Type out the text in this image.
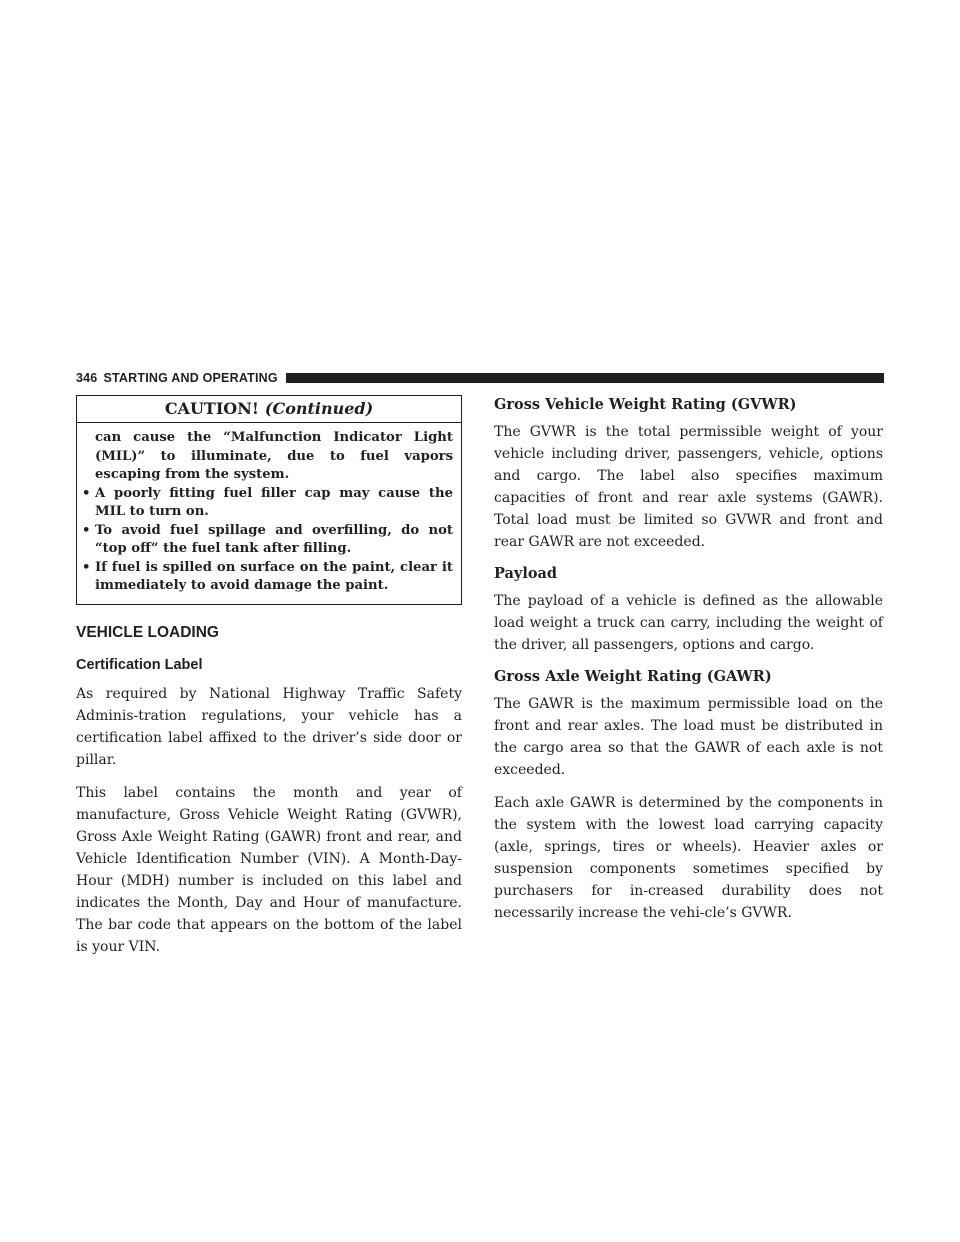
346 STARTING AND OPERATING
CAUTION! (Continued)

can cause the “Malfunction Indicator Light (MIL)” to illuminate, due to fuel vapors escaping from the system.

• A poorly fitting fuel filler cap may cause the MIL to turn on.
• To avoid fuel spillage and overfilling, do not “top off” the fuel tank after filling.
• If fuel is spilled on surface on the paint, clear it immediately to avoid damage the paint.
VEHICLE LOADING
Certification Label

As required by National Highway Traffic Safety Adminis-tration regulations, your vehicle has a certification label affixed to the driver’s side door or pillar.

This label contains the month and year of manufacture, Gross Vehicle Weight Rating (GVWR), Gross Axle Weight Rating (GAWR) front and rear, and Vehicle Identification Number (VIN). A Month-Day-Hour (MDH) number is included on this label and indicates the Month, Day and Hour of manufacture. The bar code that appears on the bottom of the label is your VIN.

Gross Vehicle Weight Rating (GVWR)

The GVWR is the total permissible weight of your vehicle including driver, passengers, vehicle, options and cargo. The label also specifies maximum capacities of front and rear axle systems (GAWR). Total load must be limited so GVWR and front and rear GAWR are not exceeded.

Payload

The payload of a vehicle is defined as the allowable load weight a truck can carry, including the weight of the driver, all passengers, options and cargo.

Gross Axle Weight Rating (GAWR)

The GAWR is the maximum permissible load on the front and rear axles. The load must be distributed in the cargo area so that the GAWR of each axle is not exceeded.

Each axle GAWR is determined by the components in the system with the lowest load carrying capacity (axle, springs, tires or wheels). Heavier axles or suspension components sometimes specified by purchasers for in-creased durability does not necessarily increase the vehi-cle’s GVWR.
